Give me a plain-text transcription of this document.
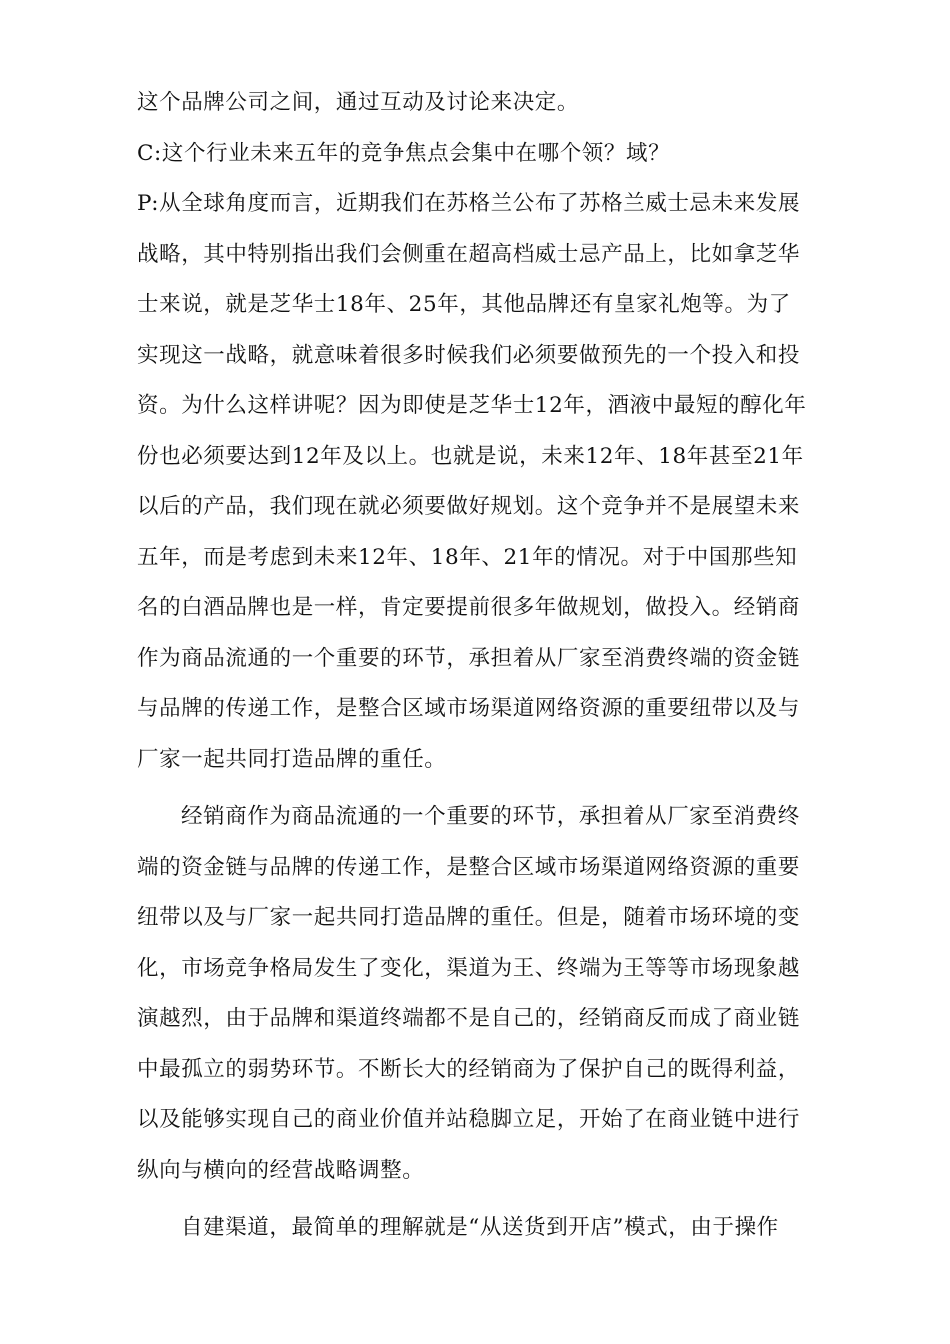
这个品牌公司之间，通过互动及讨论来决定。
C:这个行业未来五年的竞争焦点会集中在哪个领？域？
P:从全球角度而言，近期我们在苏格兰公布了苏格兰威士忌未来发展
战略，其中特别指出我们会侧重在超高档威士忌产品上，比如拿芝华
士来说，就是芝华士18年、25年，其他品牌还有皇家礼炮等。为了
实现这一战略，就意味着很多时候我们必须要做预先的一个投入和投
资。为什么这样讲呢？因为即使是芝华士12年，酒液中最短的醇化年
份也必须要达到12年及以上。也就是说，未来12年、18年甚至21年
以后的产品，我们现在就必须要做好规划。这个竞争并不是展望未来
五年，而是考虑到未来12年、18年、21年的情况。对于中国那些知
名的白酒品牌也是一样，肯定要提前很多年做规划，做投入。经销商
作为商品流通的一个重要的环节，承担着从厂家至消费终端的资金链
与品牌的传递工作，是整合区域市场渠道网络资源的重要纽带以及与
厂家一起共同打造品牌的重任。
经销商作为商品流通的一个重要的环节，承担着从厂家至消费终
端的资金链与品牌的传递工作，是整合区域市场渠道网络资源的重要
纽带以及与厂家一起共同打造品牌的重任。但是，随着市场环境的变
化，市场竞争格局发生了变化，渠道为王、终端为王等等市场现象越
演越烈，由于品牌和渠道终端都不是自己的，经销商反而成了商业链
中最孤立的弱势环节。不断长大的经销商为了保护自己的既得利益，
以及能够实现自己的商业价值并站稳脚立足，开始了在商业链中进行
纵向与横向的经营战略调整。
自建渠道，最简单的理解就是“从送货到开店”模式，由于操作
